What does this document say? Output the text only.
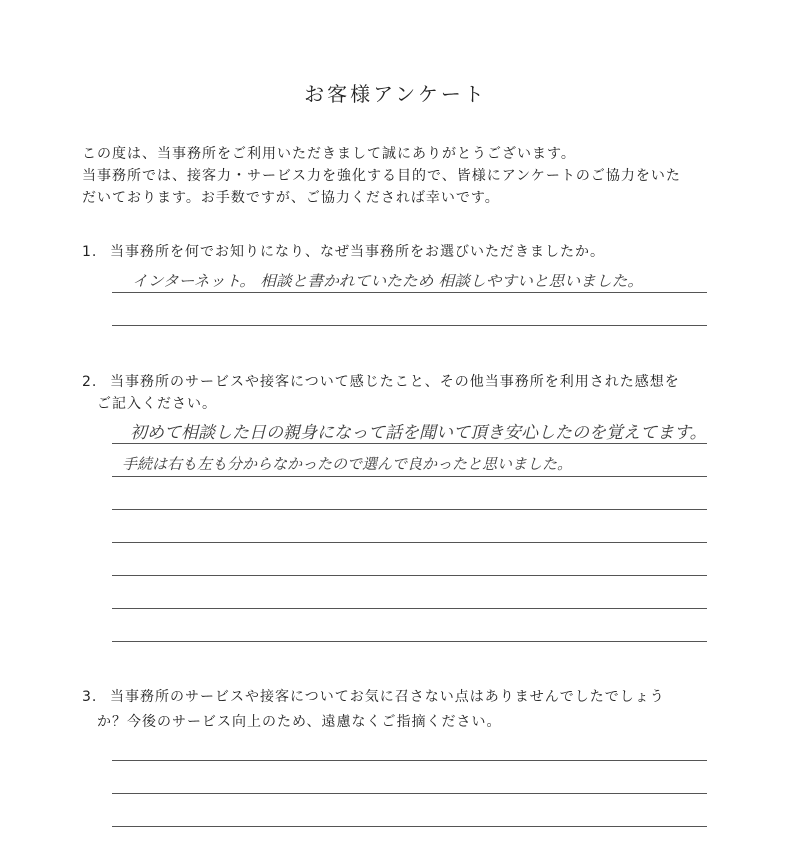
お客様アンケート
この度は、当事務所をご利用いただきまして誠にありがとうございます。
当事務所では、接客力・サービス力を強化する目的で、皆様にアンケートのご協力をいた
だいております。お手数ですが、ご協力くだされば幸いです。
1. 当事務所を何でお知りになり、なぜ当事務所をお選びいただきましたか。
インターネット。 相談と書かれていたため 相談しやすいと思いました。
2. 当事務所のサービスや接客について感じたこと、その他当事務所を利用された感想を
ご記入ください。
初めて相談した日の親身になって話を聞いて頂き安心したのを覚えてます。
手続は右も左も分からなかったので選んで良かったと思いました。
3. 当事務所のサービスや接客についてお気に召さない点はありませんでしたでしょう
か？今後のサービス向上のため、遠慮なくご指摘ください。
